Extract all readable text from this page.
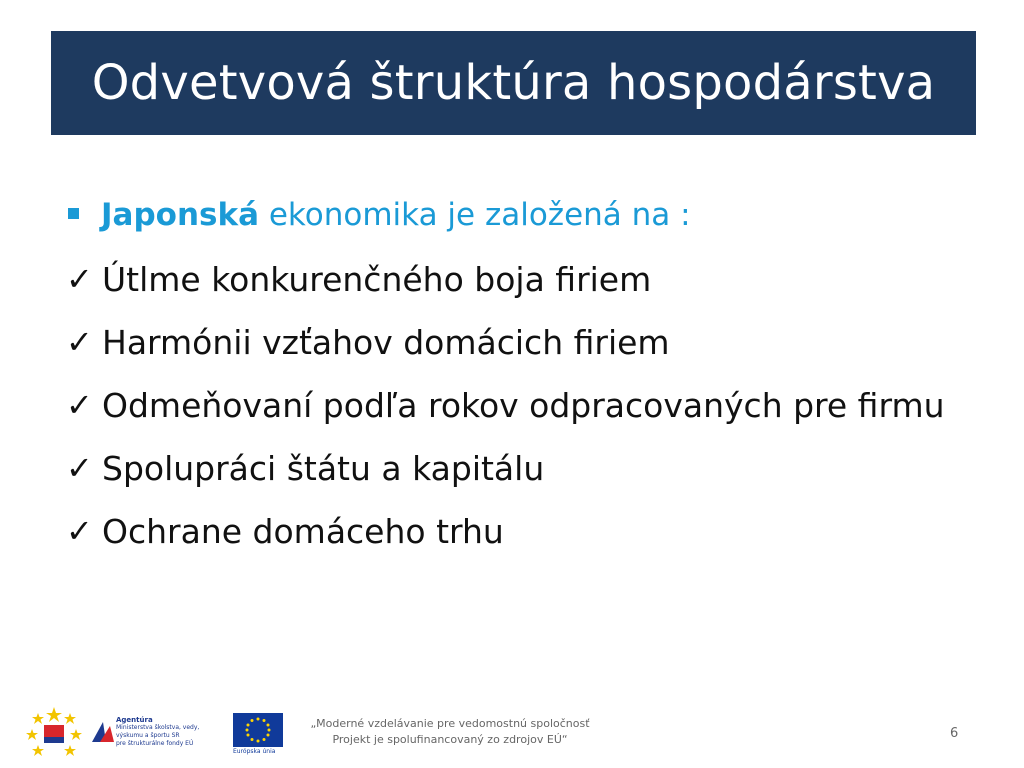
Odvetvová štruktúra hospodárstva
Japonská ekonomika je založená na :
✓ Útlme konkurenčného boja firiem
✓ Harmónii vzťahov domácich firiem
✓ Odmeňovaní podľa rokov odpracovaných pre firmu
✓ Spolupráci štátu a kapitálu
✓ Ochrane domáceho trhu
Agentúra
Ministerstva školstva, vedy, výskumu a športu SR
pre štrukturálne fondy EÚ
Európska únia
„Moderné vzdelávanie pre vedomostnú spoločnosť
Projekt je spolufinancovaný zo zdrojov EÚ“	6
